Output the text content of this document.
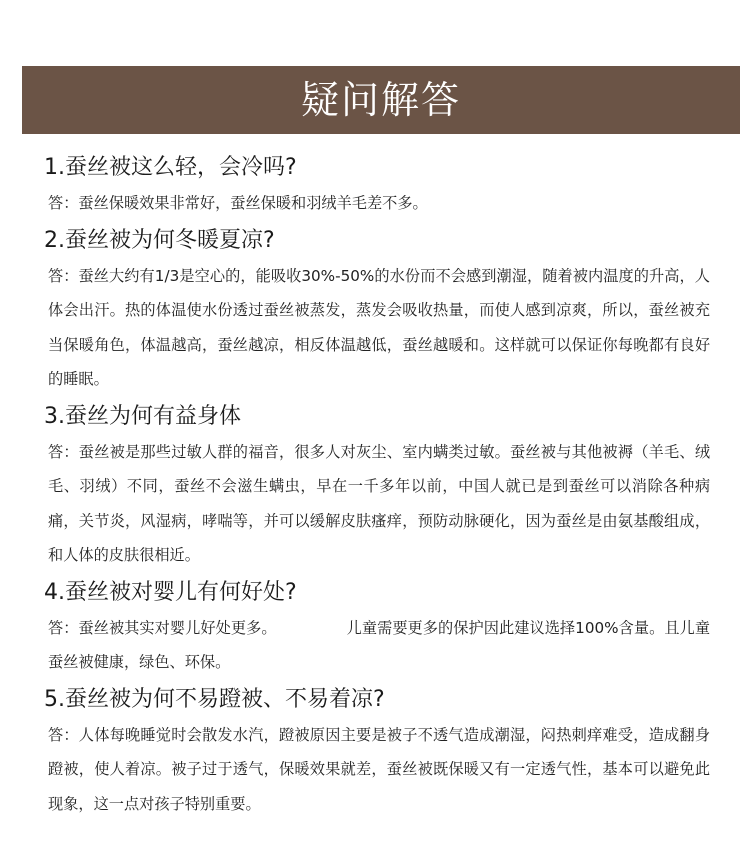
疑问解答

1.蚕丝被这么轻，会冷吗?

答：蚕丝保暖效果非常好，蚕丝保暖和羽绒羊毛差不多。

2.蚕丝被为何冬暖夏凉?

答：蚕丝大约有1/3是空心的，能吸收30%-50%的水份而不会感到潮湿，随着被内温度的升高，人体会出汗。热的体温使水份透过蚕丝被蒸发，蒸发会吸收热量，而使人感到凉爽，所以，蚕丝被充当保暖角色，体温越高，蚕丝越凉，相反体温越低，蚕丝越暖和。这样就可以保证你每晚都有良好的睡眠。

3.蚕丝为何有益身体

答：蚕丝被是那些过敏人群的福音，很多人对灰尘、室内螨类过敏。蚕丝被与其他被褥（羊毛、绒毛、羽绒）不同，蚕丝不会滋生螨虫，早在一千多年以前，中国人就已是到蚕丝可以消除各种病痛，关节炎，风湿病，哮喘等，并可以缓解皮肤瘙痒，预防动脉硬化，因为蚕丝是由氨基酸组成，和人体的皮肤很相近。

4.蚕丝被对婴儿有何好处?

答：蚕丝被其实对婴儿好处更多。	儿童需要更多的保护因此建议选择100%含量。且儿童蚕丝被健康，绿色、环保。

5.蚕丝被为何不易蹬被、不易着凉?

答：人体每晚睡觉时会散发水汽，蹬被原因主要是被子不透气造成潮湿，闷热刺痒难受，造成翻身蹬被，使人着凉。被子过于透气，保暖效果就差，蚕丝被既保暖又有一定透气性，基本可以避免此现象，这一点对孩子特别重要。
